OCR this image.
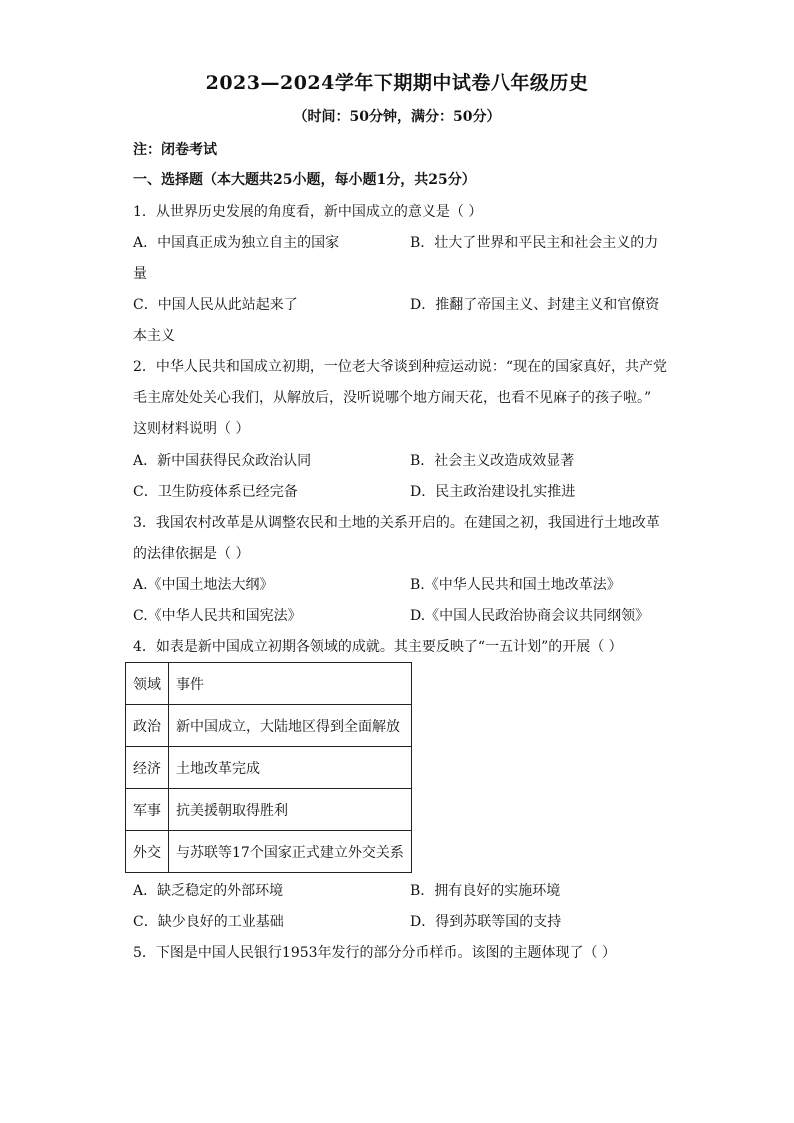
2023—2024学年下期期中试卷八年级历史
（时间：50分钟，满分：50分）
注：闭卷考试
一、选择题（本大题共25小题，每小题1分，共25分）
1．从世界历史发展的角度看，新中国成立的意义是（ ）
A．中国真正成为独立自主的国家	B．壮大了世界和平民主和社会主义的力
量
C．中国人民从此站起来了	D．推翻了帝国主义、封建主义和官僚资
本主义
2．中华人民共和国成立初期，一位老大爷谈到种痘运动说：“现在的国家真好，共产党
毛主席处处关心我们，从解放后，没听说哪个地方闹天花，也看不见麻子的孩子啦。”
这则材料说明（ ）
A．新中国获得民众政治认同	B．社会主义改造成效显著
C．卫生防疫体系已经完备	D．民主政治建设扎实推进
3．我国农村改革是从调整农民和土地的关系开启的。在建国之初，我国进行土地改革
的法律依据是（ ）
A.《中国土地法大纲》	B.《中华人民共和国土地改革法》
C.《中华人民共和国宪法》	D.《中国人民政治协商会议共同纲领》
4．如表是新中国成立初期各领域的成就。其主要反映了“一五计划”的开展（ ）
领域	事件
政治	新中国成立，大陆地区得到全面解放
经济	土地改革完成
军事	抗美援朝取得胜利
外交	与苏联等17个国家正式建立外交关系
A．缺乏稳定的外部环境	B．拥有良好的实施环境
C．缺少良好的工业基础	D．得到苏联等国的支持
5．下图是中国人民银行1953年发行的部分分币样币。该图的主题体现了（ ）
